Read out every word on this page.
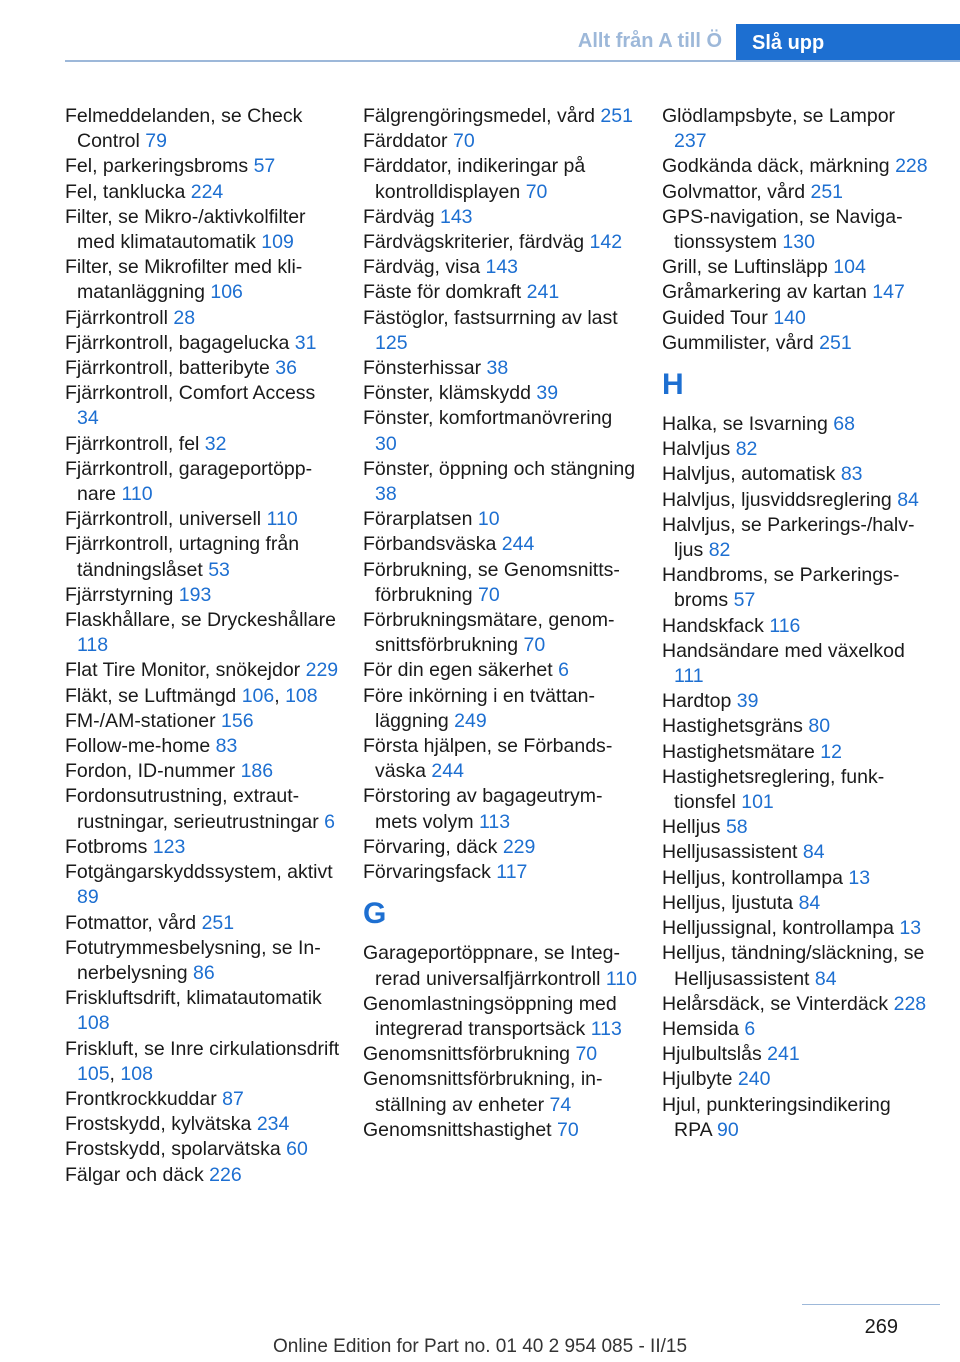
Allt från A till Ö	Slå upp
Felmeddelanden, se Check Control 79
Fel, parkeringsbroms 57
Fel, tanklucka 224
Filter, se Mikro-/aktivkolfilter med klimatautomatik 109
Filter, se Mikrofilter med klimatanläggning 106
Fjärrkontroll 28
Fjärrkontroll, bagagelucka 31
Fjärrkontroll, batteribyte 36
Fjärrkontroll, Comfort Access 34
Fjärrkontroll, fel 32
Fjärrkontroll, garageportöppnare 110
Fjärrkontroll, universell 110
Fjärrkontroll, urtagning från tändningslåset 53
Fjärrstyrning 193
Flaskhållare, se Dryckeshållare 118
Flat Tire Monitor, snökejdor 229
Fläkt, se Luftmängd 106, 108
FM-/AM-stationer 156
Follow-me-home 83
Fordon, ID-nummer 186
Fordonsutrustning, extrautrustningar, serieutrustningar 6
Fotbroms 123
Fotgängarskyddssystem, aktivt 89
Fotmattor, vård 251
Fotutrymmesbelysning, se Innerbelysning 86
Friskluftsdrift, klimatautomatik 108
Friskluft, se Inre cirkulationsdrift 105, 108
Frontkrockkuddar 87
Frostskydd, kylvätska 234
Frostskydd, spolarvätska 60
Fälgar och däck 226
Fälgrengöringsmedel, vård 251
Färddator 70
Färddator, indikeringar på kontrolldisplayen 70
Färdväg 143
Färdvägskriterier, färdväg 142
Färdväg, visa 143
Fäste för domkraft 241
Fästöglor, fastsurrning av last 125
Fönsterhissar 38
Fönster, klämskydd 39
Fönster, komfortmanövrering 30
Fönster, öppning och stängning 38
Förarplatsen 10
Förbandsväska 244
Förbrukning, se Genomsnittsförbrukning 70
Förbrukningsmätare, genomsnittsförbrukning 70
För din egen säkerhet 6
Före inkörning i en tvättanläggning 249
Första hjälpen, se Förbandsväska 244
Förstoring av bagageutrymmets volym 113
Förvaring, däck 229
Förvaringsfack 117
G
Garageportöppnare, se Integrerad universalfjärrkontroll 110
Genomlastningsöppning med integrerad transportsäck 113
Genomsnittsförbrukning 70
Genomsnittsförbrukning, inställning av enheter 74
Genomsnittshastighet 70
Glödlampsbyte, se Lampor 237
Godkända däck, märkning 228
Golvmattor, vård 251
GPS-navigation, se Navigationssystem 130
Grill, se Luftinsläpp 104
Gråmarkering av kartan 147
Guided Tour 140
Gummilister, vård 251
H
Halka, se Isvarning 68
Halvljus 82
Halvljus, automatisk 83
Halvljus, ljusviddsreglering 84
Halvljus, se Parkerings-/halvljus 82
Handbroms, se Parkeringsbroms 57
Handskfack 116
Handsändare med växelkod 111
Hardtop 39
Hastighetsgräns 80
Hastighetsmätare 12
Hastighetsreglering, funktionsfel 101
Helljus 58
Helljusassistent 84
Helljus, kontrollampa 13
Helljus, ljustuta 84
Helljussignal, kontrollampa 13
Helljus, tändning/släckning, se Helljusassistent 84
Helårsdäck, se Vinterdäck 228
Hemsida 6
Hjulbultslås 241
Hjulbyte 240
Hjul, punkteringsindikering RPA 90
269
Online Edition for Part no. 01 40 2 954 085 - II/15
